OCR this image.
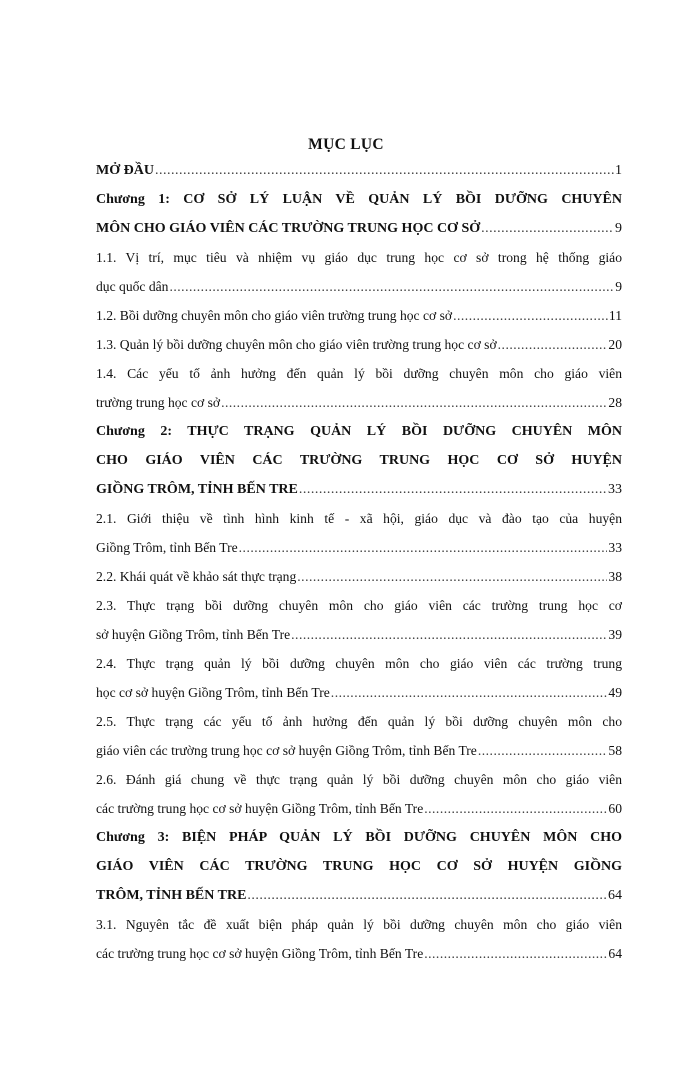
MỤC LỤC
MỞ ĐẦU .....	1
Chương 1: CƠ SỞ LÝ LUẬN VỀ QUẢN LÝ BỒI DƯỠNG CHUYÊN
MÔN CHO GIÁO VIÊN CÁC TRƯỜNG TRUNG HỌC CƠ SỞ .....	9
1.1. Vị trí, mục tiêu và nhiệm vụ giáo dục trung học cơ sở trong hệ thống giáo
dục quốc dân .....	9
1.2. Bồi dưỡng chuyên môn cho giáo viên trường trung học cơ sở .....	11
1.3. Quản lý bồi dưỡng chuyên môn cho giáo viên trường trung học cơ sở .....	20
1.4. Các yếu tố ảnh hưởng đến quản lý bồi dưỡng chuyên môn cho giáo viên
trường trung học cơ sở .....	28
Chương 2: THỰC TRẠNG QUẢN LÝ BỒI DƯỠNG CHUYÊN MÔN
CHO GIÁO VIÊN CÁC TRƯỜNG TRUNG HỌC CƠ SỞ HUYỆN
GIỒNG TRÔM, TỈNH BẾN TRE .....	33
2.1. Giới thiệu về tình hình kinh tế - xã hội, giáo dục và đào tạo của huyện
Giồng Trôm, tỉnh Bến Tre .....	33
2.2. Khái quát về khảo sát thực trạng .....	38
2.3. Thực trạng bồi dưỡng chuyên môn cho giáo viên các trường trung học cơ
sở huyện Giồng Trôm, tỉnh Bến Tre .....	39
2.4. Thực trạng quản lý bồi dưỡng chuyên môn cho giáo viên các trường trung
học cơ sở huyện Giồng Trôm, tỉnh Bến Tre .....	49
2.5. Thực trạng các yếu tố ảnh hưởng đến quản lý bồi dưỡng chuyên môn cho
giáo viên các trường trung học cơ sở huyện Giồng Trôm, tỉnh Bến Tre .....	58
2.6. Đánh giá chung về thực trạng quản lý bồi dưỡng chuyên môn cho giáo viên
các trường trung học cơ sở huyện Giồng Trôm, tỉnh Bến Tre .....	60
Chương 3: BIỆN PHÁP QUẢN LÝ BỒI DƯỠNG CHUYÊN MÔN CHO
GIÁO VIÊN CÁC TRƯỜNG TRUNG HỌC CƠ SỞ HUYỆN GIỒNG
TRÔM, TỈNH BẾN TRE .....	64
3.1. Nguyên tắc đề xuất biện pháp quản lý bồi dưỡng chuyên môn cho giáo viên
các trường trung học cơ sở huyện Giồng Trôm, tỉnh Bến Tre .....	64
